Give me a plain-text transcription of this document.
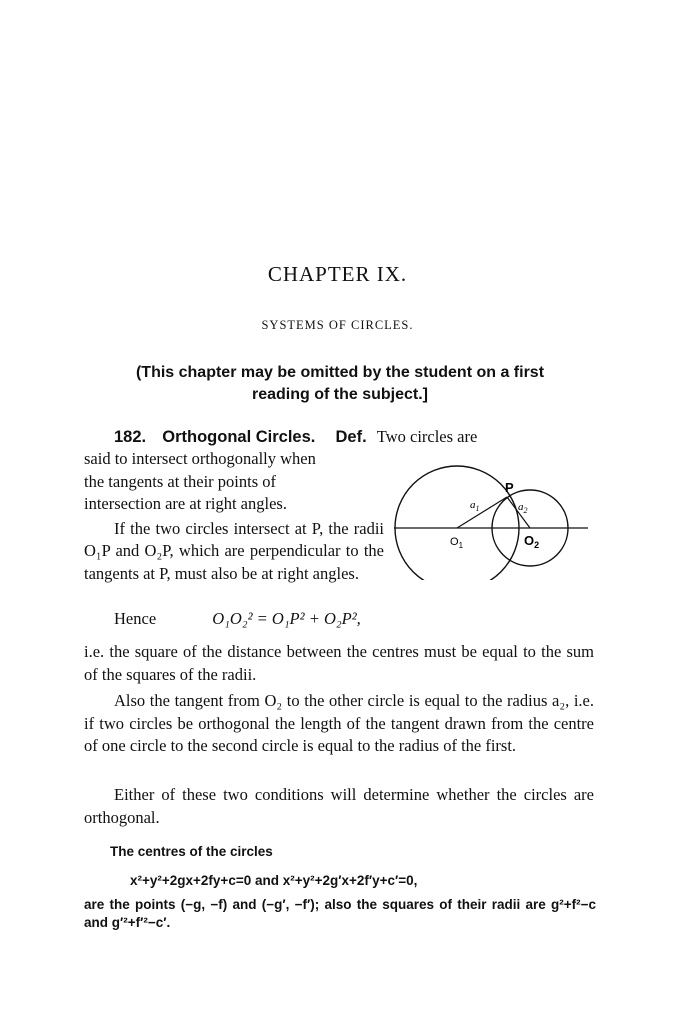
CHAPTER IX.
SYSTEMS OF CIRCLES.
(This chapter may be omitted by the student on a first
reading of the subject.]
182. Orthogonal Circles. Def. Two circles are

said to intersect orthogonally when

the tangents at their points of

intersection are at right angles.

If the two circles intersect at P, the radii O₁P and O₂P, which are perpendicular to the tangents at P, must also be at right angles.

P
$a_1$	$a_2$
$O_1$	$O_2$
Hence	O₁O₂² = O₁P² + O₂P²,

i.e. the square of the distance between the centres must be equal to the sum of the squares of the radii.

Also the tangent from O₂ to the other circle is equal to the radius a₂, i.e. if two circles be orthogonal the length of the tangent drawn from the centre of one circle to the second circle is equal to the radius of the first.

Either of these two conditions will determine whether the circles are orthogonal.

The centres of the circles
x²+y²+2gx+2fy+c=0 and x²+y²+2g′x+2f′y+c′=0,
are the points (−g, −f) and (−g′, −f′); also the squares of their radii are g²+f²−c and g′²+f′²−c′.
